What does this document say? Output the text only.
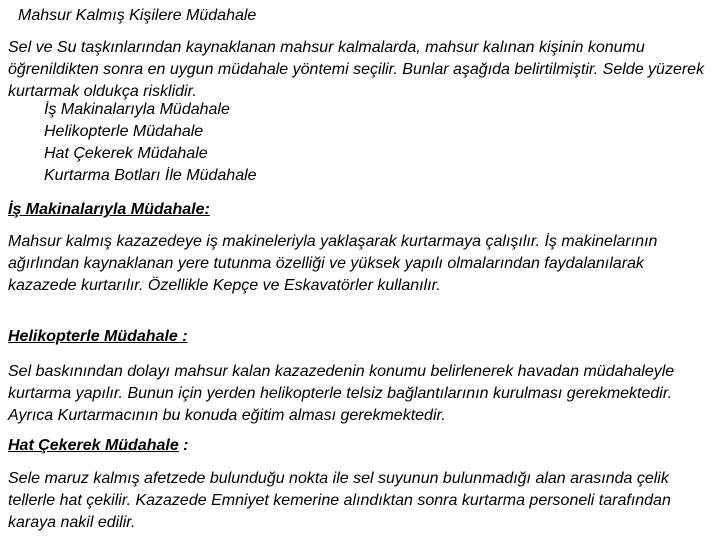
Mahsur Kalmış Kişilere Müdahale

Sel ve Su taşkınlarından kaynaklanan mahsur kalmalarda, mahsur kalınan kişinin konumu öğrenildikten sonra en uygun müdahale yöntemi seçilir. Bunlar aşağıda belirtilmiştir. Selde yüzerek kurtarmak oldukça risklidir.

İş Makinalarıyla Müdahale
Helikopterle Müdahale
Hat Çekerek Müdahale
Kurtarma Botları İle Müdahale
İş Makinalarıyla Müdahale:

Mahsur kalmış kazazedeye iş makineleriyla yaklaşarak kurtarmaya çalışılır. İş makinelarının ağırlından kaynaklanan yere tutunma özelliği ve yüksek yapılı olmalarından faydalanılarak kazazede kurtarılır. Özellikle Kepçe ve Eskavatörler kullanılır.

Helikopterle Müdahale :

Sel baskınından dolayı mahsur kalan kazazedenin konumu belirlenerek havadan müdahaleyle kurtarma yapılır. Bunun için yerden helikopterle telsiz bağlantılarının kurulması gerekmektedir. Ayrıca Kurtarmacının bu konuda eğitim alması gerekmektedir.

Hat Çekerek Müdahale :

Sele maruz kalmış afetzede bulunduğu nokta ile sel suyunun bulunmadığı alan arasında çelik tellerle hat çekilir. Kazazede Emniyet kemerine alındıktan sonra kurtarma personeli tarafından karaya nakil edilir.
